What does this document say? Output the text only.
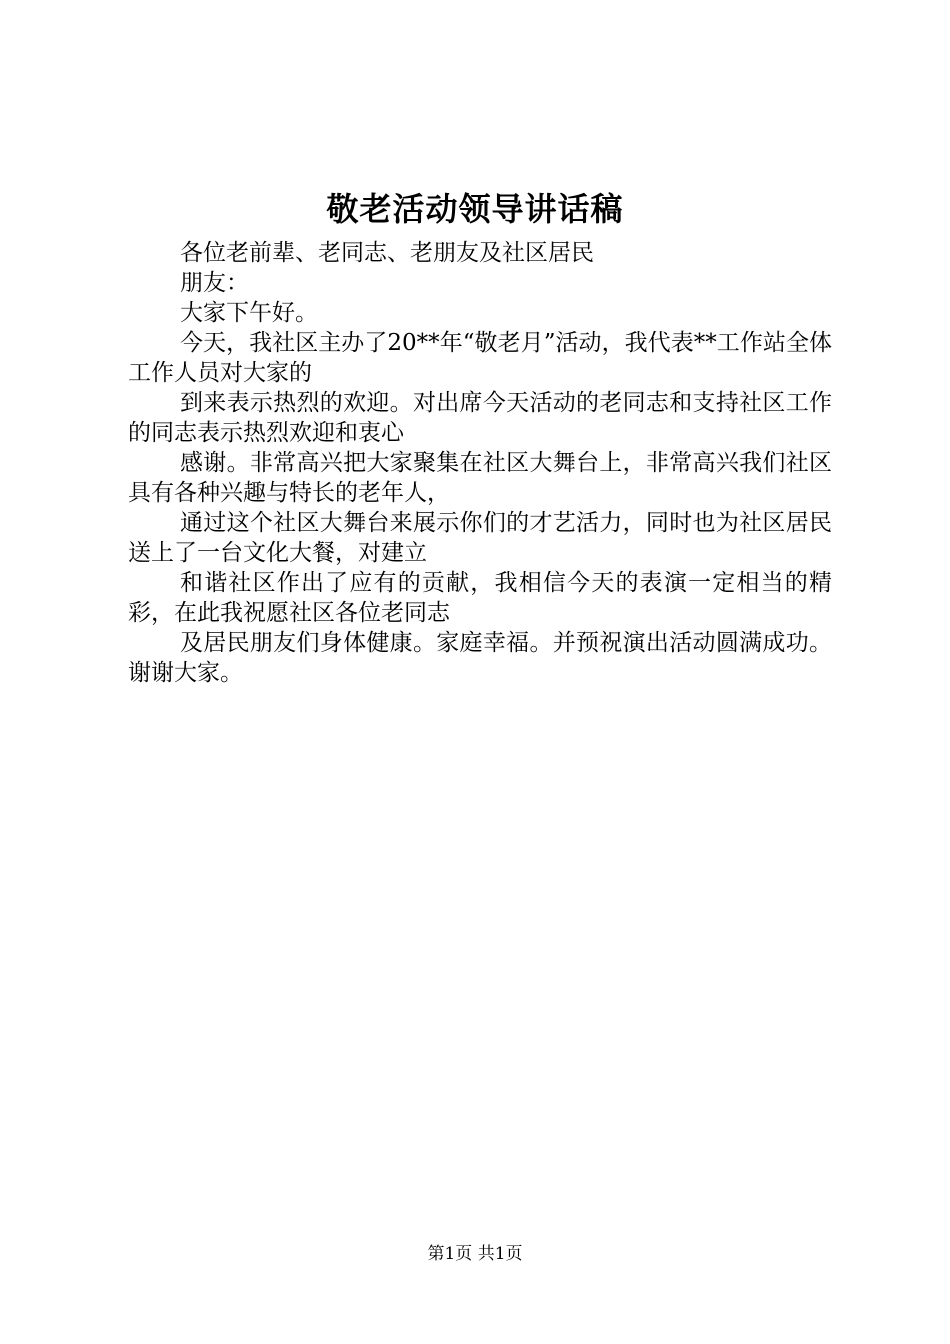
敬老活动领导讲话稿

各位老前辈、老同志、老朋友及社区居民

朋友：

大家下午好。

今天，我社区主办了20**年“敬老月”活动，我代表**工作站全体工作人员对大家的

到来表示热烈的欢迎。对出席今天活动的老同志和支持社区工作的同志表示热烈欢迎和衷心

感谢。非常高兴把大家聚集在社区大舞台上，非常高兴我们社区具有各种兴趣与特长的老年人，

通过这个社区大舞台来展示你们的才艺活力，同时也为社区居民送上了一台文化大餐，对建立

和谐社区作出了应有的贡献，我相信今天的表演一定相当的精彩，在此我祝愿社区各位老同志

及居民朋友们身体健康。家庭幸福。并预祝演出活动圆满成功。谢谢大家。

第1页 共1页
